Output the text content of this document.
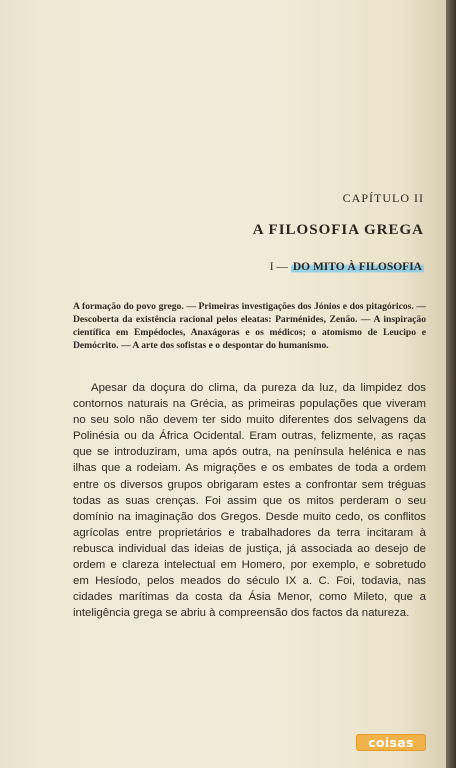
CAPÍTULO II
A FILOSOFIA GREGA
I — DO MITO À FILOSOFIA
A formação do povo grego. — Primeiras investigações dos Jónios e dos pitagóricos. — Descoberta da existência racional pelos eleatas: Parménides, Zenão. — A inspiração científica em Empédocles, Anaxágoras e os médicos; o atomismo de Leucipo e Demócrito. — A arte dos sofistas e o despontar do humanismo.

Apesar da doçura do clima, da pureza da luz, da limpidez dos contornos naturais na Grécia, as primeiras populações que viveram no seu solo não devem ter sido muito diferentes dos selvagens da Polinésia ou da África Ocidental. Eram outras, felizmente, as raças que se introduziram, uma após outra, na península helénica e nas ilhas que a rodeiam. As migrações e os embates de toda a ordem entre os diversos grupos obrigaram estes a confrontar sem tréguas todas as suas crenças. Foi assim que os mitos perderam o seu domínio na imaginação dos Gregos. Desde muito cedo, os conflitos agrícolas entre proprietários e trabalhadores da terra incitaram à rebusca individual das ideias de justiça, já associada ao desejo de ordem e clareza intelectual em Homero, por exemplo, e sobretudo em Hesíodo, pelos meados do século IX a. C. Foi, todavia, nas cidades marítimas da costa da Ásia Menor, como Mileto, que a inteligência grega se abriu à compreensão dos factos da natureza.

coisas
